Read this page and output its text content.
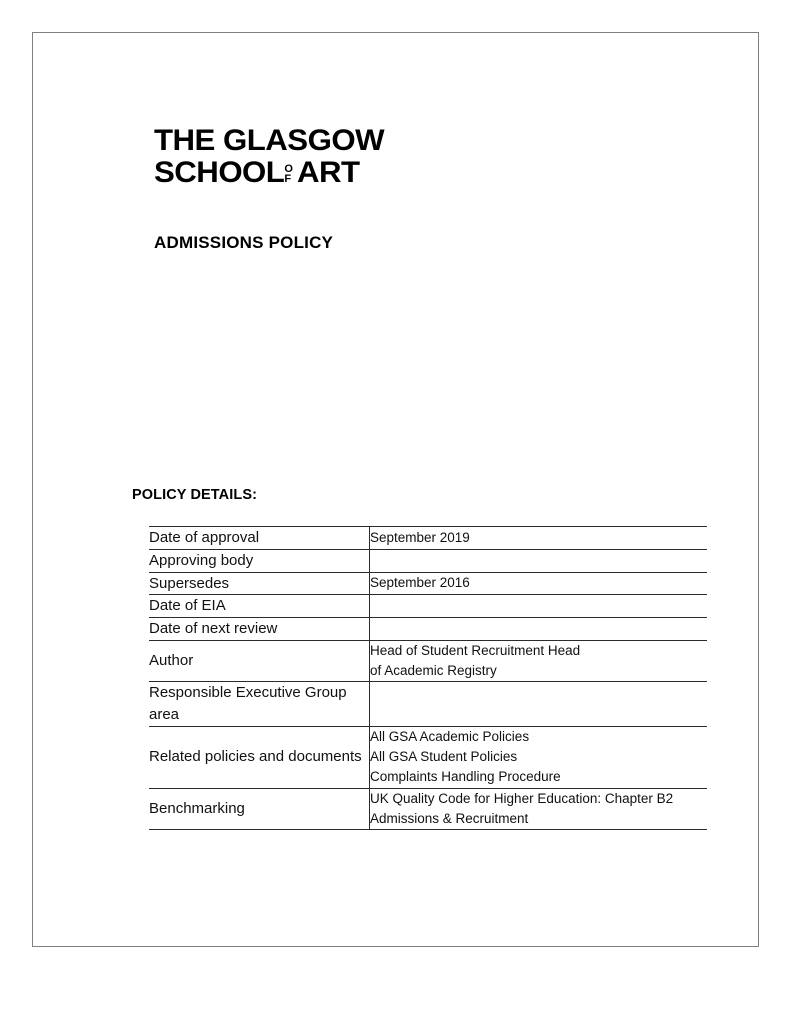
THE GLASGOW
SCHOOL O
F ART
ADMISSIONS POLICY
POLICY DETAILS:
Date of approval	September 2019

Approving body	

Supersedes	September 2016

Date of EIA	

Date of next review	

Author	Head of Student Recruitment Head
of Academic Registry

Responsible Executive Group area	

Related policies and documents	All GSA Academic Policies
All GSA Student Policies
Complaints Handling Procedure

Benchmarking	UK Quality Code for Higher Education: Chapter B2
Admissions & Recruitment
